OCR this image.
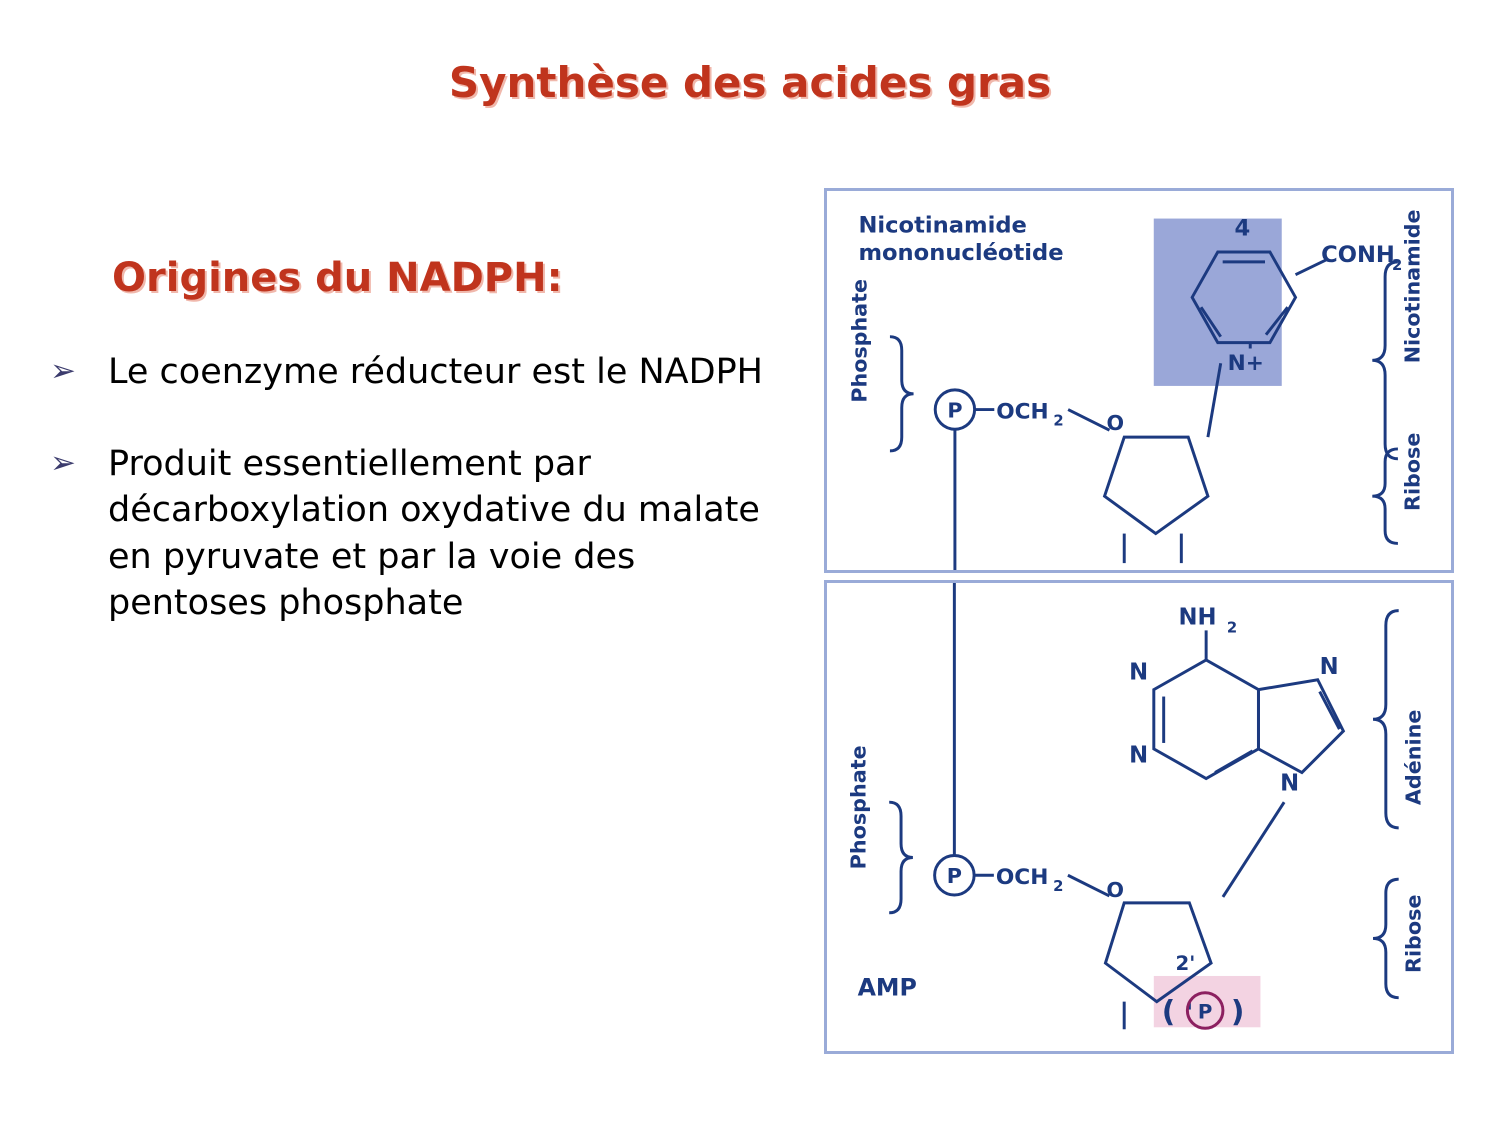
Synthèse des acides gras
Origines du NADPH:
➢ Le coenzyme réducteur est le NADPH
➢ Produit essentiellement par décarboxylation oxydative du malate en pyruvate et par la voie des pentoses phosphate
Nicotinamide
mononucléotide
Phosphate	Nicotinamide
Ribose
P OCH 2 O
4
N+
CONH
2
AMP
Phosphate	Adénine
Ribose
P OCH 2 O
2'
( P )
N
N
N
N
NH 2
